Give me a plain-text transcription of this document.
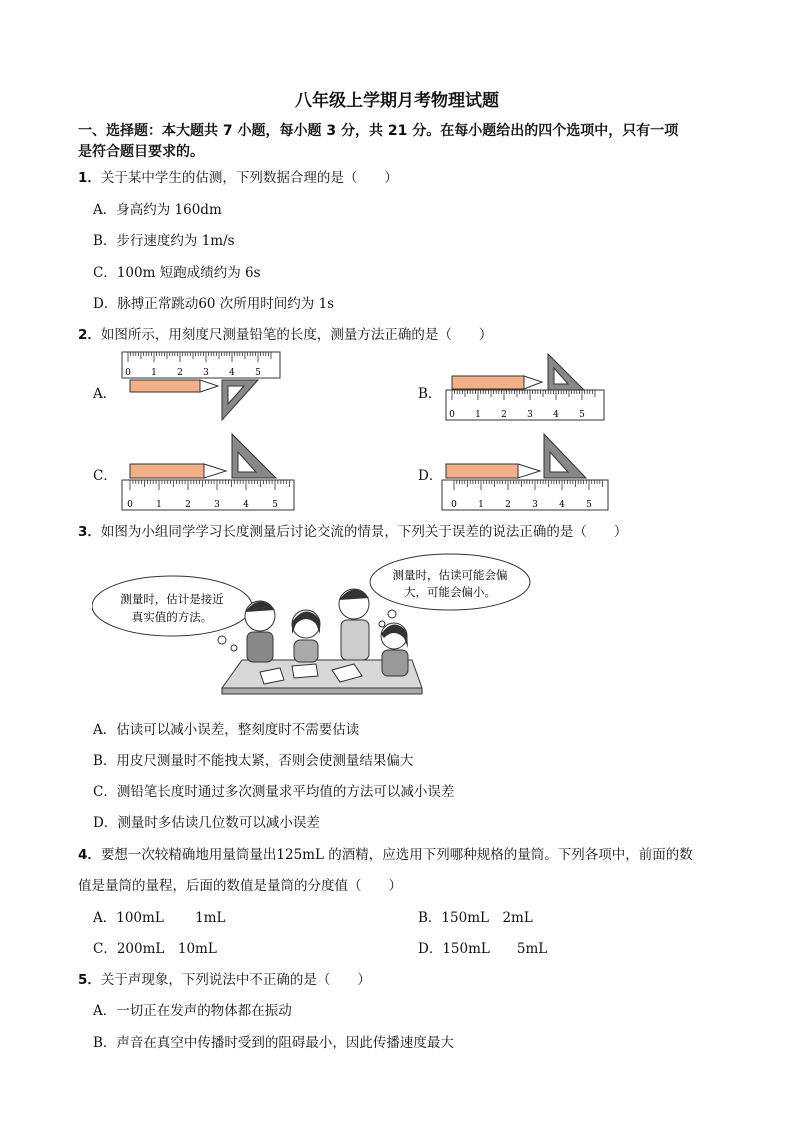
八年级上学期月考物理试题
一、选择题：本大题共 7 小题，每小题 3 分，共 21 分。在每小题给出的四个选项中，只有一项
是符合题目要求的。
1．关于某中学生的估测，下列数据合理的是（　　）
A．身高约为 160dm
B．步行速度约为 1m/s
C．100m 短跑成绩约为 6s
D．脉搏正常跳动60 次所用时间约为 1s
2．如图所示，用刻度尺测量铅笔的长度，测量方法正确的是（　　）
A．	B．
C．	D．
0 1 2 3 4 5
0 1 2 3 4 5
0	1	2	3	4	5	0 1 2 3 4 5
3．如图为小组同学学习长度测量后讨论交流的情景，下列关于误差的说法正确的是（　　）
测量时，估计是接近
真实值的方法。
测量时，估读可能会偏
大，可能会偏小。
A．估读可以减小误差，整刻度时不需要估读
B．用皮尺测量时不能拽太紧，否则会使测量结果偏大
C．测铅笔长度时通过多次测量求平均值的方法可以减小误差
D．测量时多估读几位数可以减小误差
4．要想一次较精确地用量筒量出125mL 的酒精，应选用下列哪种规格的量筒。下列各项中，前面的数
值是量筒的量程，后面的数值是量筒的分度值（　　）
A．100mL　　 1mL	B．150mL　2mL
C．200mL　10mL	D．150mL　　5mL
5．关于声现象，下列说法中不正确的是（　　）
A．一切正在发声的物体都在振动
B．声音在真空中传播时受到的阻碍最小，因此传播速度最大
